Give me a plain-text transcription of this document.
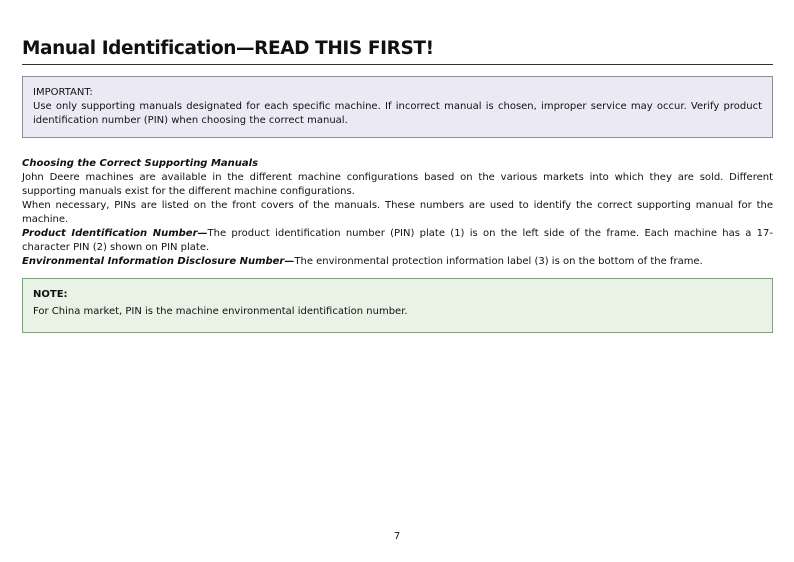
Manual Identification—READ THIS FIRST!
IMPORTANT:
Use only supporting manuals designated for each specific machine. If incorrect manual is chosen, improper service may occur. Verify product identification number (PIN) when choosing the correct manual.
Choosing the Correct Supporting Manuals

John Deere machines are available in the different machine configurations based on the various markets into which they are sold. Different supporting manuals exist for the different machine configurations.

When necessary, PINs are listed on the front covers of the manuals. These numbers are used to identify the correct supporting manual for the machine.

Product Identification Number—The product identification number (PIN) plate (1) is on the left side of the frame. Each machine has a 17-character PIN (2) shown on PIN plate.

Environmental Information Disclosure Number—The environmental protection information label (3) is on the bottom of the frame.

NOTE:
For China market, PIN is the machine environmental identification number.
7
